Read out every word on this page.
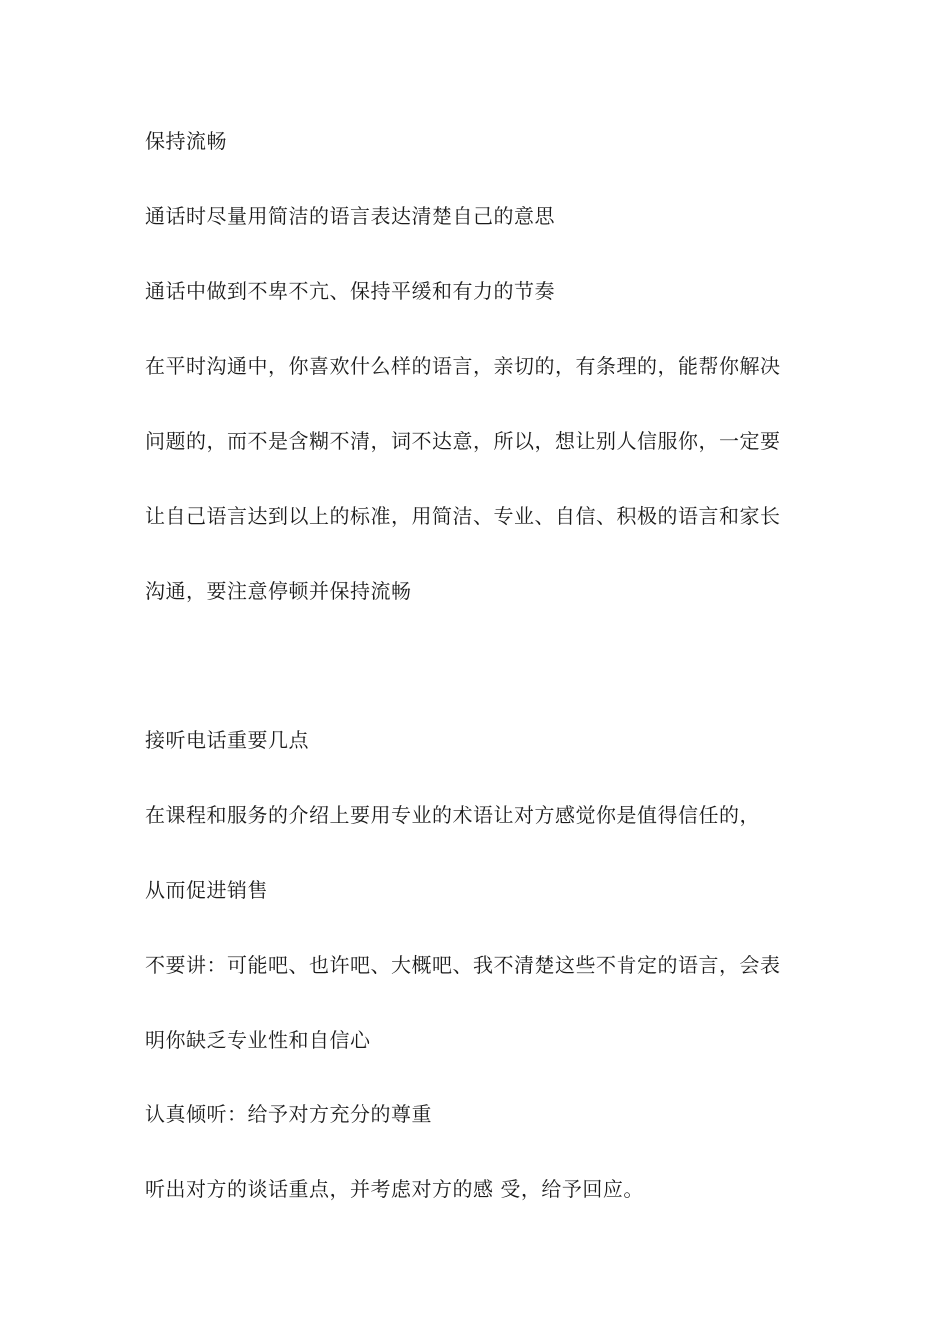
保持流畅
通话时尽量用简洁的语言表达清楚自己的意思
通话中做到不卑不亢、保持平缓和有力的节奏
在平时沟通中，你喜欢什么样的语言，亲切的，有条理的，能帮你解决
问题的，而不是含糊不清，词不达意，所以，想让别人信服你，一定要
让自己语言达到以上的标准，用简洁、专业、自信、积极的语言和家长
沟通，要注意停顿并保持流畅
接听电话重要几点
在课程和服务的介绍上要用专业的术语让对方感觉你是值得信任的，
从而促进销售
不要讲：可能吧、也许吧、大概吧、我不清楚这些不肯定的语言，会表
明你缺乏专业性和自信心
认真倾听：给予对方充分的尊重
听出对方的谈话重点，并考虑对方的感 受，给予回应。
